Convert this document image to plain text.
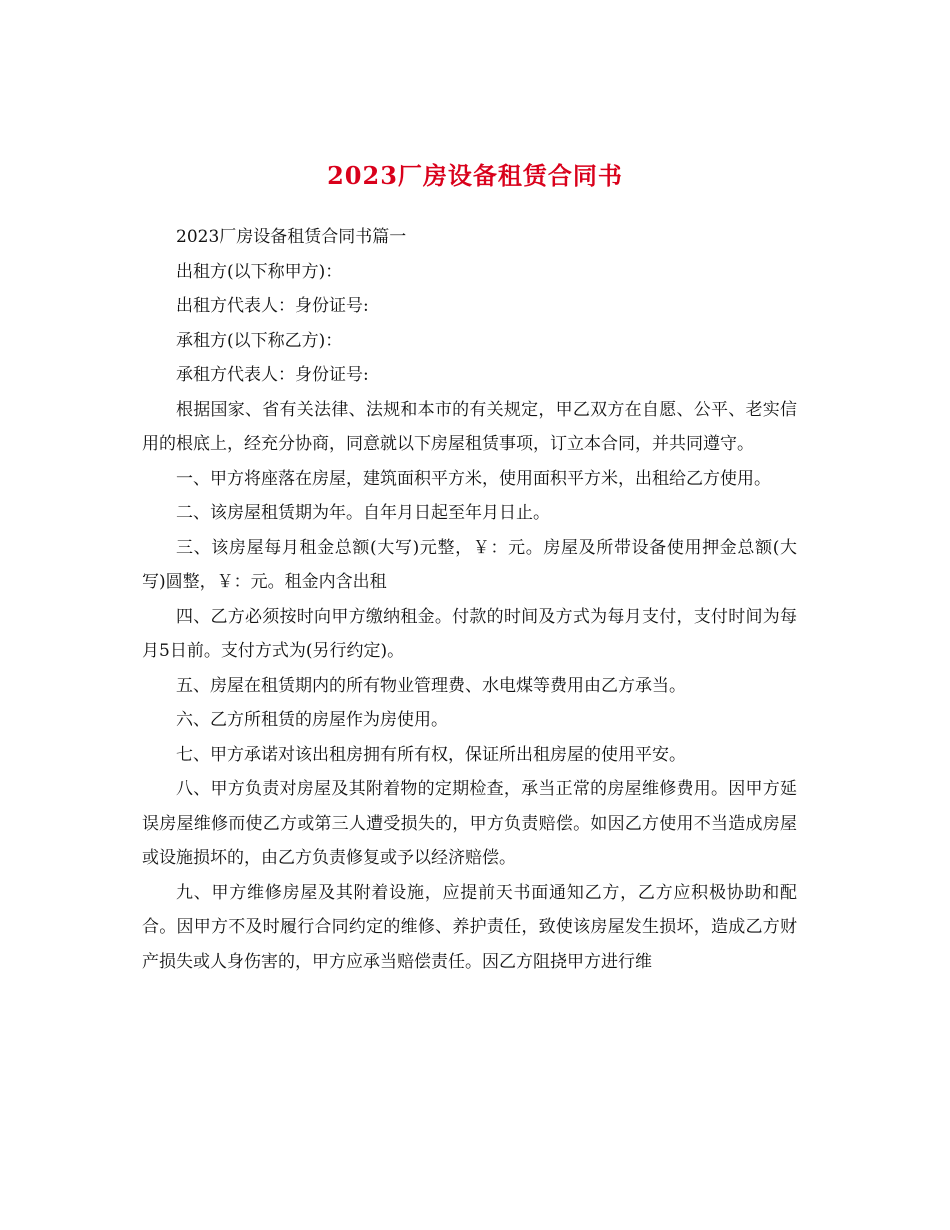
2023厂房设备租赁合同书

2023厂房设备租赁合同书篇一

出租方(以下称甲方)：

出租方代表人：身份证号:

承租方(以下称乙方)：

承租方代表人：身份证号:

根据国家、省有关法律、法规和本市的有关规定，甲乙双方在自愿、公平、老实信用的根底上，经充分协商，同意就以下房屋租赁事项，订立本合同，并共同遵守。

一、甲方将座落在房屋，建筑面积平方米，使用面积平方米，出租给乙方使用。

二、该房屋租赁期为年。自年月日起至年月日止。

三、该房屋每月租金总额(大写)元整，￥：元。房屋及所带设备使用押金总额(大写)圆整，￥：元。租金内含出租

四、乙方必须按时向甲方缴纳租金。付款的时间及方式为每月支付，支付时间为每月5日前。支付方式为(另行约定)。

五、房屋在租赁期内的所有物业管理费、水电煤等费用由乙方承当。

六、乙方所租赁的房屋作为房使用。

七、甲方承诺对该出租房拥有所有权，保证所出租房屋的使用平安。

八、甲方负责对房屋及其附着物的定期检查，承当正常的房屋维修费用。因甲方延误房屋维修而使乙方或第三人遭受损失的，甲方负责赔偿。如因乙方使用不当造成房屋或设施损坏的，由乙方负责修复或予以经济赔偿。

九、甲方维修房屋及其附着设施，应提前天书面通知乙方，乙方应积极协助和配合。因甲方不及时履行合同约定的维修、养护责任，致使该房屋发生损坏，造成乙方财产损失或人身伤害的，甲方应承当赔偿责任。因乙方阻挠甲方进行维
